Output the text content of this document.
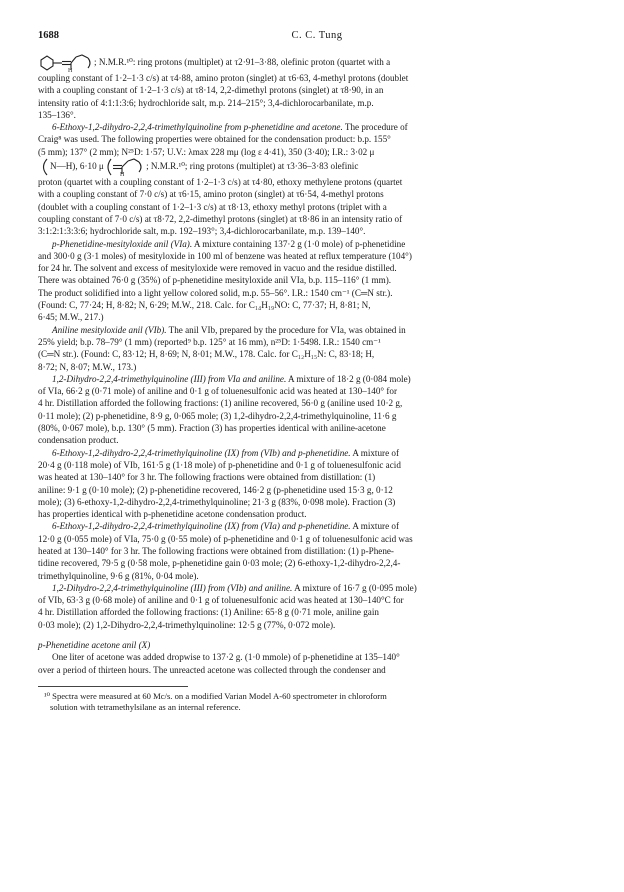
1688	C. C. Tung

H
; N.M.R.¹⁰: ring protons (multiplet) at τ2·91–3·88, olefinic proton (quartet with a

coupling constant of 1·2–1·3 c/s) at τ4·88, amino proton (singlet) at τ6·63, 4-methyl protons (doublet

with a coupling constant of 1·2–1·3 c/s) at τ8·14, 2,2-dimethyl protons (singlet) at τ8·90, in an

intensity ratio of 4:1:1:3:6; hydrochloride salt, m.p. 214–215°; 3,4-dichlorocarbanilate, m.p.

135–136°.

6-Ethoxy-1,2-dihydro-2,2,4-trimethylquinoline from p-phenetidine and acetone. The procedure of

Craig⁸ was used. The following properties were obtained for the condensation product: b.p. 155°

(5 mm); 137° (2 mm); N²⁵D: 1·57; U.V.: λmax 228 mμ (log ε 4·41), 350 (3·40); I.R.: 3·02 μ

N—H), 6·10 μ
H
; N.M.R.¹⁰; ring protons (multiplet) at τ3·36–3·83 olefinic

proton (quartet with a coupling constant of 1·2–1·3 c/s) at τ4·80, ethoxy methylene protons (quartet

with a coupling constant of 7·0 c/s) at τ6·15, amino proton (singlet) at τ6·54, 4-methyl protons

(doublet with a coupling constant of 1·2–1·3 c/s) at τ8·13, ethoxy methyl protons (triplet with a

coupling constant of 7·0 c/s) at τ8·72, 2,2-dimethyl protons (singlet) at τ8·86 in an intensity ratio of

3:1:2:1:3:3:6; hydrochloride salt, m.p. 192–193°; 3,4-dichlorocarbanilate, m.p. 139–140°.

p-Phenetidine-mesityloxide anil (VIa). A mixture containing 137·2 g (1·0 mole) of p-phenetidine

and 300·0 g (3·1 moles) of mesityloxide in 100 ml of benzene was heated at reflux temperature (104°)

for 24 hr. The solvent and excess of mesityloxide were removed in vacuo and the residue distilled.

There was obtained 76·0 g (35%) of p-phenetidine mesityloxide anil VIa, b.p. 115–116° (1 mm).

The product solidified into a light yellow colored solid, m.p. 55–56°. I.R.: 1540 cm⁻¹ (C═N str.).

(Found: C, 77·24; H, 8·82; N, 6·29; M.W., 218. Calc. for C₁₄H₁₉NO: C, 77·37; H, 8·81; N,

6·45; M.W., 217.)

Aniline mesityloxide anil (VIb). The anil VIb, prepared by the procedure for VIa, was obtained in

25% yield; b.p. 78–79° (1 mm) (reported⁹ b.p. 125° at 16 mm), n²⁵D: 1·5498. I.R.: 1540 cm⁻¹

(C═N str.). (Found: C, 83·12; H, 8·69; N, 8·01; M.W., 178. Calc. for C₁₂H₁₅N: C, 83·18; H,

8·72; N, 8·07; M.W., 173.)

1,2-Dihydro-2,2,4-trimethylquinoline (III) from VIa and aniline. A mixture of 18·2 g (0·084 mole)

of VIa, 66·2 g (0·71 mole) of aniline and 0·1 g of toluenesulfonic acid was heated at 130–140° for

4 hr. Distillation afforded the following fractions: (1) aniline recovered, 56·0 g (aniline used 10·2 g,

0·11 mole); (2) p-phenetidine, 8·9 g, 0·065 mole; (3) 1,2-dihydro-2,2,4-trimethylquinoline, 11·6 g

(80%, 0·067 mole), b.p. 130° (5 mm). Fraction (3) has properties identical with aniline-acetone

condensation product.

6-Ethoxy-1,2-dihydro-2,2,4-trimethylquinoline (IX) from (VIb) and p-phenetidine. A mixture of

20·4 g (0·118 mole) of VIb, 161·5 g (1·18 mole) of p-phenetidine and 0·1 g of toluenesulfonic acid

was heated at 130–140° for 3 hr. The following fractions were obtained from distillation: (1)

aniline: 9·1 g (0·10 mole); (2) p-phenetidine recovered, 146·2 g (p-phenetidine used 15·3 g, 0·12

mole); (3) 6-ethoxy-1,2-dihydro-2,2,4-trimethylquinoline; 21·3 g (83%, 0·098 mole). Fraction (3)

has properties identical with p-phenetidine acetone condensation product.

6-Ethoxy-1,2-dihydro-2,2,4-trimethylquinoline (IX) from (VIa) and p-phenetidine. A mixture of

12·0 g (0·055 mole) of VIa, 75·0 g (0·55 mole) of p-phenetidine and 0·1 g of toluenesulfonic acid was

heated at 130–140° for 3 hr. The following fractions were obtained from distillation: (1) p-Phene-

tidine recovered, 79·5 g (0·58 mole, p-phenetidine gain 0·03 mole; (2) 6-ethoxy-1,2-dihydro-2,2,4-

trimethylquinoline, 9·6 g (81%, 0·04 mole).

1,2-Dihydro-2,2,4-trimethylquinoline (III) from (VIb) and aniline. A mixture of 16·7 g (0·095 mole)

of VIb, 63·3 g (0·68 mole) of aniline and 0·1 g of toluenesulfonic acid was heated at 130–140°C for

4 hr. Distillation afforded the following fractions: (1) Aniline: 65·8 g (0·71 mole, aniline gain

0·03 mole); (2) 1,2-Dihydro-2,2,4-trimethylquinoline: 12·5 g (77%, 0·072 mole).

p-Phenetidine acetone anil (X)

One liter of acetone was added dropwise to 137·2 g. (1·0 mmole) of p-phenetidine at 135–140°

over a period of thirteen hours. The unreacted acetone was collected through the condenser and

¹⁰ Spectra were measured at 60 Mc/s. on a modified Varian Model A-60 spectrometer in chloroform

solution with tetramethylsilane as an internal reference.
